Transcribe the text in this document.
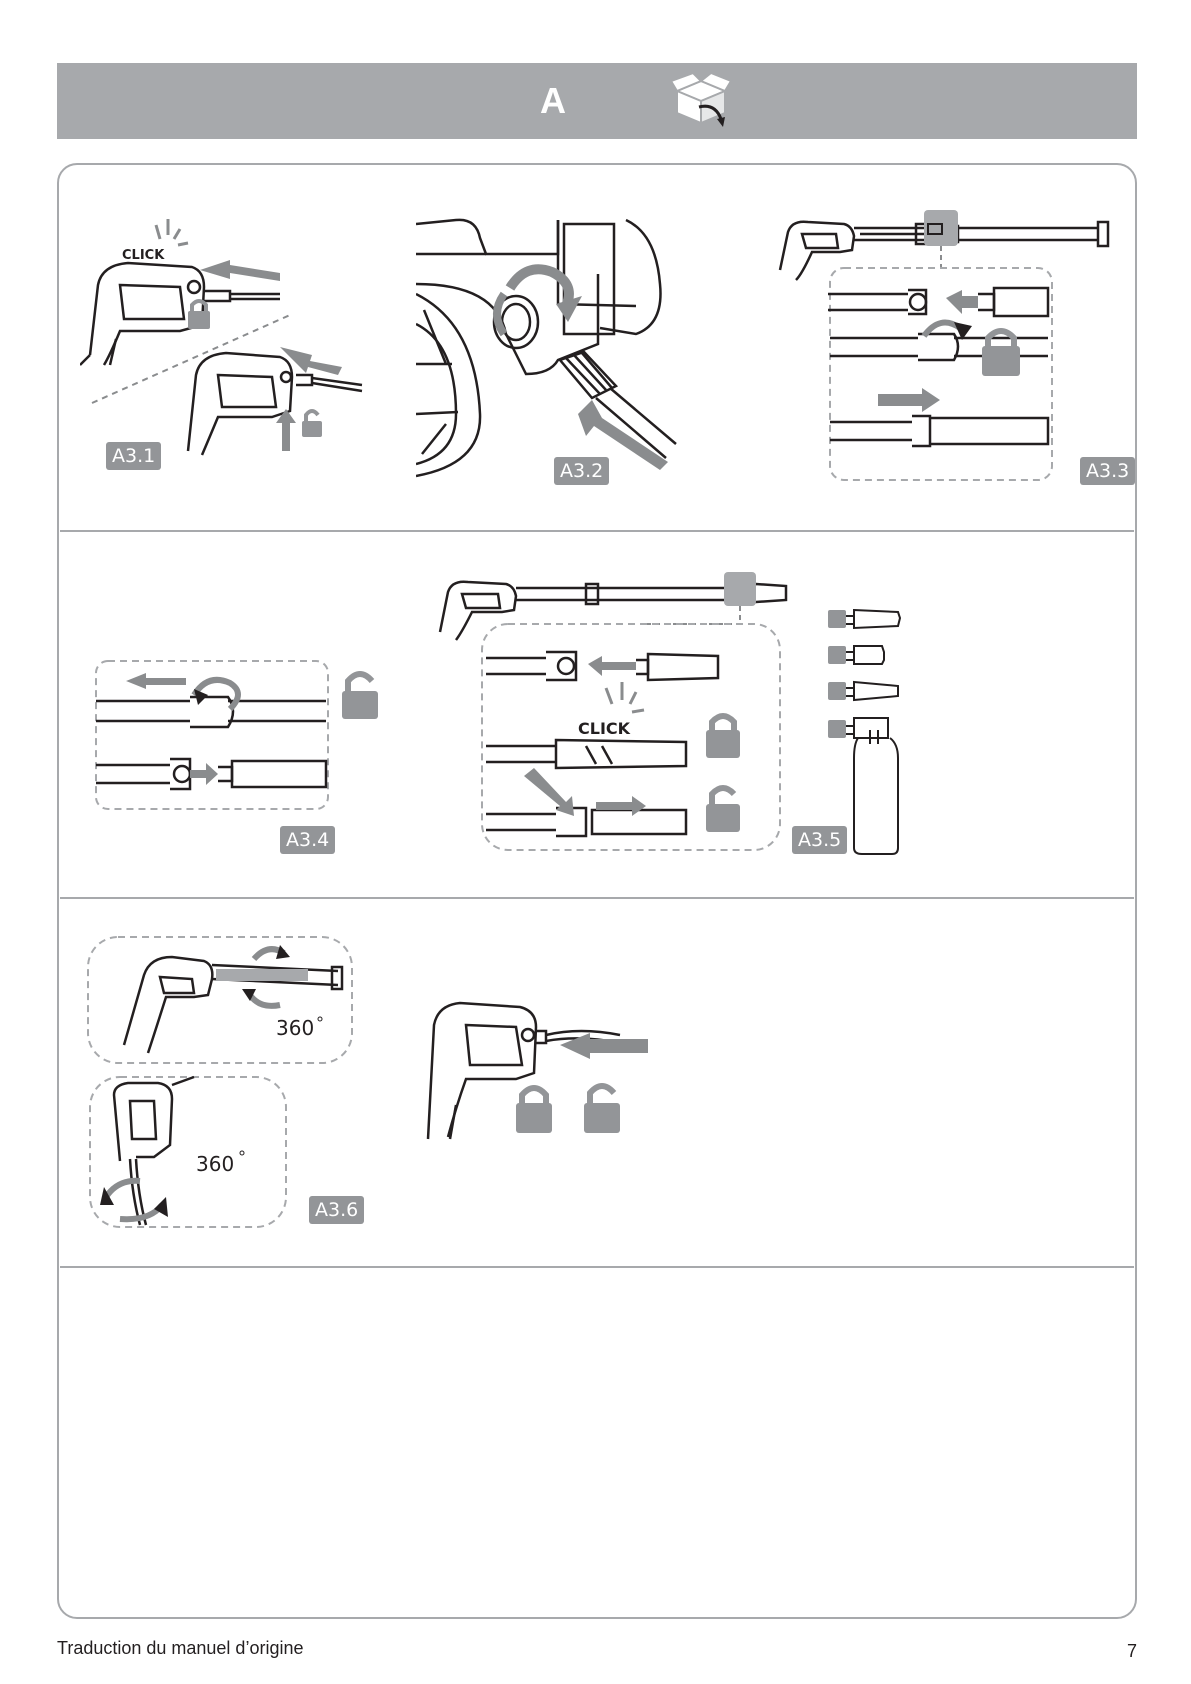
A
CLICK
A3.1
A3.2	A3.3
A3.4
CLICK
A3.5
360
360
A3.6
Traduction du manuel d’origine	7
